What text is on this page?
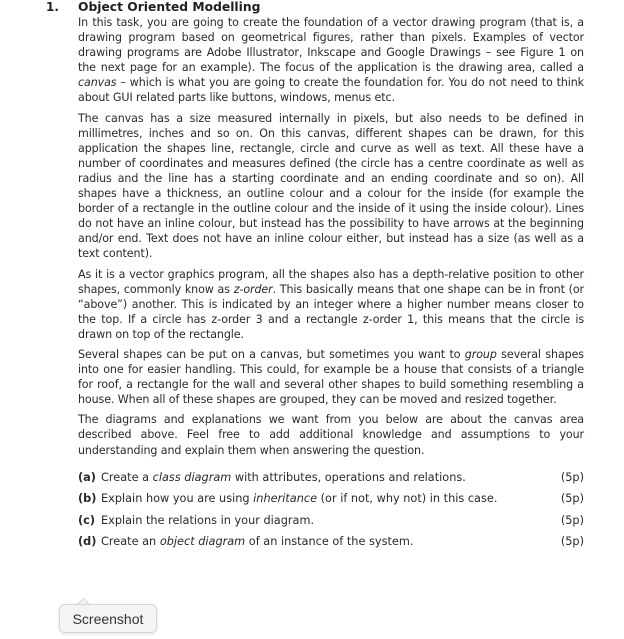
1. Object Oriented Modelling

In this task, you are going to create the foundation of a vector drawing program (that is, a drawing program based on geometrical figures, rather than pixels. Examples of vector drawing programs are Adobe Illustrator, Inkscape and Google Drawings – see Figure 1 on the next page for an example). The focus of the application is the drawing area, called a canvas – which is what you are going to create the foundation for. You do not need to think about GUI related parts like buttons, windows, menus etc.

The canvas has a size measured internally in pixels, but also needs to be defined in millimetres, inches and so on. On this canvas, different shapes can be drawn, for this application the shapes line, rectangle, circle and curve as well as text. All these have a number of coordinates and measures defined (the circle has a centre coordinate as well as radius and the line has a starting coordinate and an ending coordinate and so on). All shapes have a thickness, an outline colour and a colour for the inside (for example the border of a rectangle in the outline colour and the inside of it using the inside colour). Lines do not have an inline colour, but instead has the possibility to have arrows at the beginning and/or end. Text does not have an inline colour either, but instead has a size (as well as a text content).

As it is a vector graphics program, all the shapes also has a depth-relative position to other shapes, commonly know as z-order. This basically means that one shape can be in front (or “above”) another. This is indicated by an integer where a higher number means closer to the top. If a circle has z-order 3 and a rectangle z-order 1, this means that the circle is drawn on top of the rectangle.

Several shapes can be put on a canvas, but sometimes you want to group several shapes into one for easier handling. This could, for example be a house that consists of a triangle for roof, a rectangle for the wall and several other shapes to build something resembling a house. When all of these shapes are grouped, they can be moved and resized together.

The diagrams and explanations we want from you below are about the canvas area described above. Feel free to add additional knowledge and assumptions to your understanding and explain them when answering the question.

(a) Create a class diagram with attributes, operations and relations.	(5p)
(b) Explain how you are using inheritance (or if not, why not) in this case.	(5p)
(c) Explain the relations in your diagram.	(5p)
(d) Create an object diagram of an instance of the system.	(5p)
Screenshot
